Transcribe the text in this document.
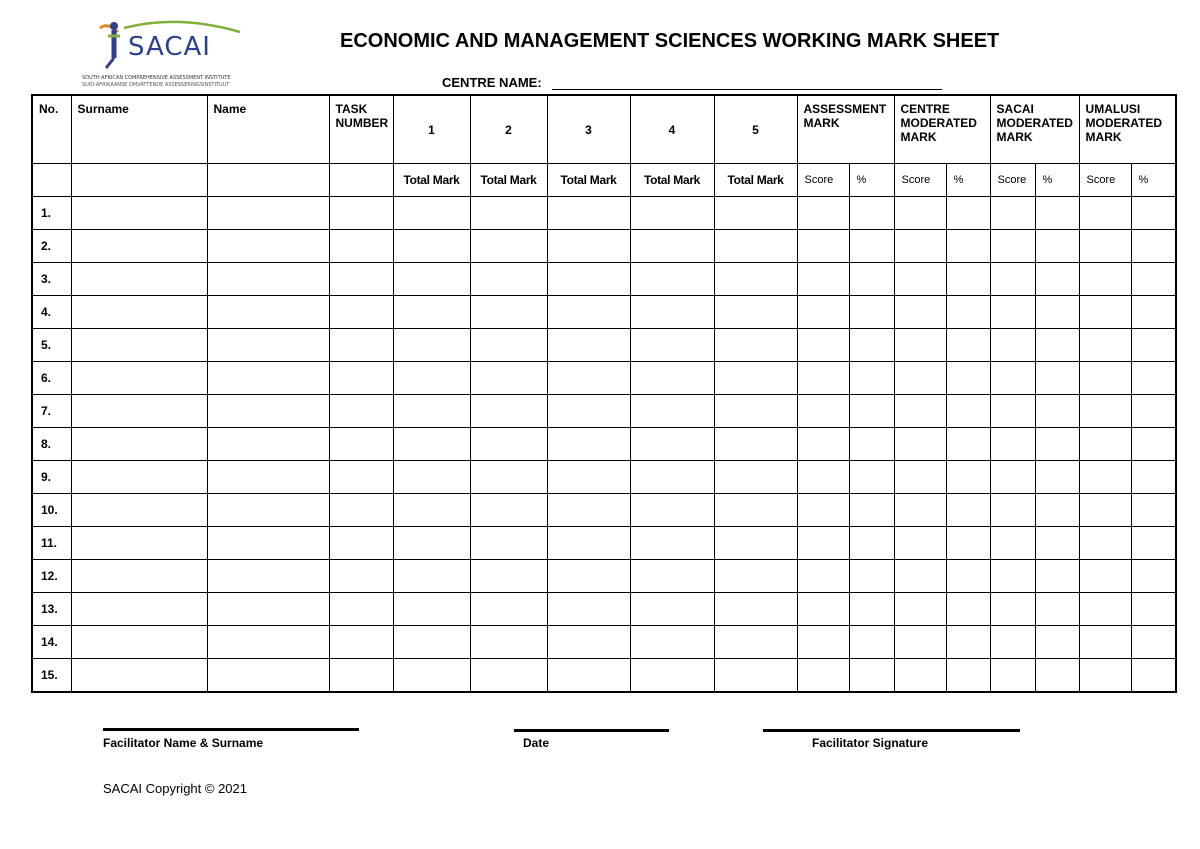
SACAI
SOUTH AFRICAN COMPREHENSIVE ASSESSMENT INSTITUTE
SUID-AFRIKAANSE OMVATTENDE ASSESSERINGSINSTITUUT
ECONOMIC AND MANAGEMENT SCIENCES WORKING MARK SHEET
CENTRE NAME:
No.	Surname	Name	TASK NUMBER	1	2	3	4	5	ASSESSMENT MARK		CENTRE MODERATED MARK		SACAI MODERATED MARK		UMALUSI MODERATED MARK	
				Total Mark	Total Mark	Total Mark	Total Mark	Total Mark	Score	%	Score	%	Score	%	Score	%
1.																
2.																
3.																
4.																
5.																
6.																
7.																
8.																
9.																
10.																
11.																
12.																
13.																
14.																
15.																
Facilitator Name & Surname	Date	Facilitator Signature
SACAI Copyright © 2021
